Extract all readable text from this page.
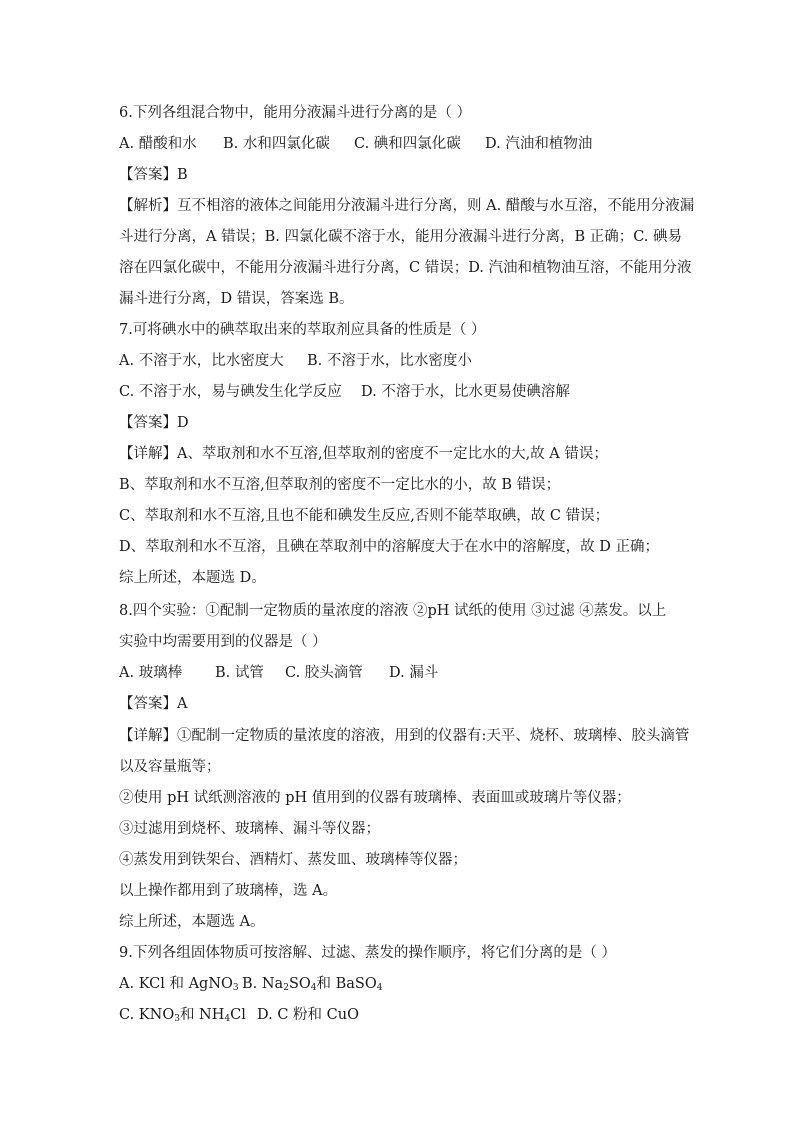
6.下列各组混合物中，能用分液漏斗进行分离的是（ ）
A. 醋酸和水 B. 水和四氯化碳 C. 碘和四氯化碳 D. 汽油和植物油
【答案】B
【解析】互不相溶的液体之间能用分液漏斗进行分离，则 A. 醋酸与水互溶，不能用分液漏
斗进行分离，A 错误；B. 四氯化碳不溶于水，能用分液漏斗进行分离，B 正确；C. 碘易
溶在四氯化碳中，不能用分液漏斗进行分离，C 错误；D. 汽油和植物油互溶，不能用分液
漏斗进行分离，D 错误，答案选 B。
7.可将碘水中的碘萃取出来的萃取剂应具备的性质是（ ）
A. 不溶于水，比水密度大 B. 不溶于水，比水密度小
C. 不溶于水，易与碘发生化学反应 D. 不溶于水，比水更易使碘溶解
【答案】D
【详解】A、萃取剂和水不互溶,但萃取剂的密度不一定比水的大,故 A 错误；
B、萃取剂和水不互溶,但萃取剂的密度不一定比水的小，故 B 错误；
C、萃取剂和水不互溶,且也不能和碘发生反应,否则不能萃取碘，故 C 错误；
D、萃取剂和水不互溶，且碘在萃取剂中的溶解度大于在水中的溶解度，故 D 正确；
综上所述，本题选 D。
8.四个实验：①配制一定物质的量浓度的溶液 ②pH 试纸的使用 ③过滤 ④蒸发。以上
实验中均需要用到的仪器是（ ）
A. 玻璃棒 B. 试管 C. 胶头滴管 D. 漏斗
【答案】A
【详解】①配制一定物质的量浓度的溶液，用到的仪器有:天平、烧杯、玻璃棒、胶头滴管
以及容量瓶等；
②使用 pH 试纸测溶液的 pH 值用到的仪器有玻璃棒、表面皿或玻璃片等仪器；
③过滤用到烧杯、玻璃棒、漏斗等仪器；
④蒸发用到铁架台、酒精灯、蒸发皿、玻璃棒等仪器；
以上操作都用到了玻璃棒，选 A。
综上所述，本题选 A。
9.下列各组固体物质可按溶解、过滤、蒸发的操作顺序，将它们分离的是（ ）
A. KCl 和 AgNO$_3$ B. $Na_2SO_4$和 BaSO$_4$
C. $KNO_3$和 $NH_4Cl$ D. C 粉和 CuO
